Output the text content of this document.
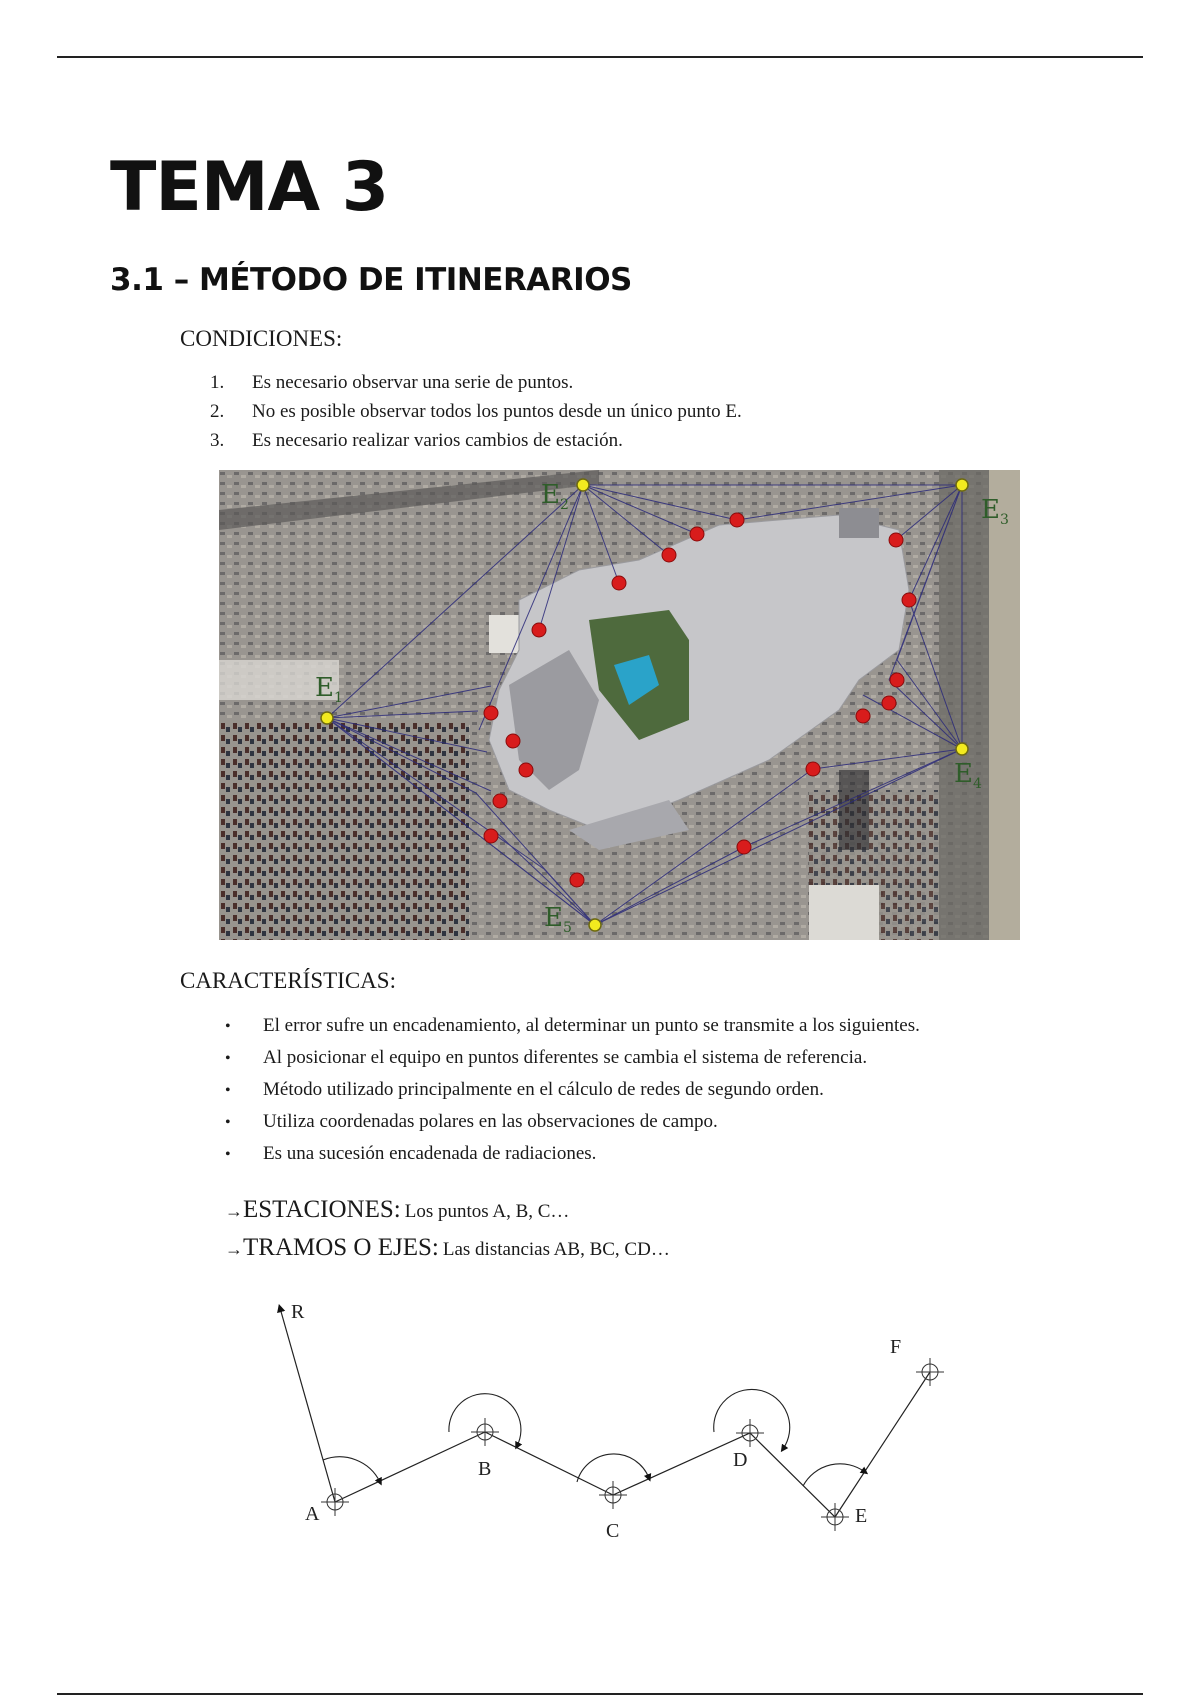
TEMA 3
3.1 – MÉTODO DE ITINERARIOS
CONDICIONES:
1. Es necesario observar una serie de puntos.
2. No es posible observar todos los puntos desde un único punto E.
3. Es necesario realizar varios cambios de estación.
$E_1$
$E_2$	$E_3$
$E_4$
$E_5$
CARACTERÍSTICAS:
• El error sufre un encadenamiento, al determinar un punto se transmite a los siguientes.
• Al posicionar el equipo en puntos diferentes se cambia el sistema de referencia.
• Método utilizado principalmente en el cálculo de redes de segundo orden.
• Utiliza coordenadas polares en las observaciones de campo.
• Es una sucesión encadenada de radiaciones.
→ESTACIONES: Los puntos A, B, C…
→TRAMOS O EJES: Las distancias AB, BC, CD…
R
A
B
C
D
E
F
